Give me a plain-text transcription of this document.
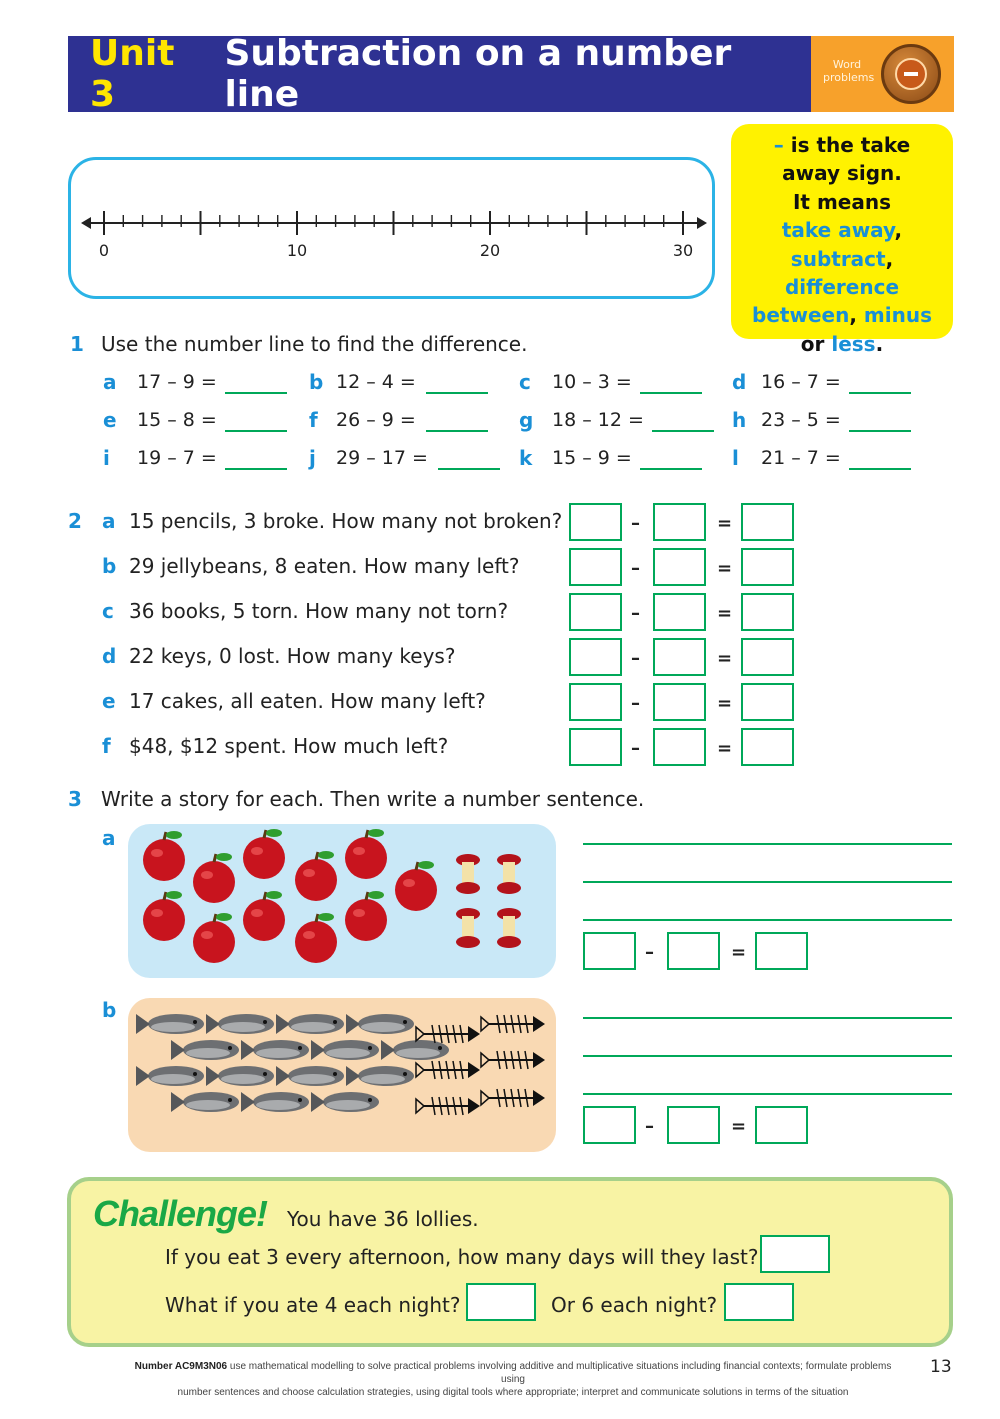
Unit 3
Subtraction on a number line
Word problems
0	10	20	30
– is the take
away sign.
It means
take away,
subtract, difference
between, minus
or less.
1 Use the number line to find the difference.
a 17 – 9 =	b 12 – 4 =	c 10 – 3 =	d 16 – 7 =
e 15 – 8 =	f 26 – 9 =	g 18 – 12 =	h 23 – 5 =
i 19 – 7 =	j 29 – 17 =	k 15 – 9 =	l 21 – 7 =
2 a 15 pencils, 3 broke. How many not broken?	–	=
b 29 jellybeans, 8 eaten. How many left?	–	=
c 36 books, 5 torn. How many not torn?	–	=
d 22 keys, 0 lost. How many keys?	–	=
e 17 cakes, all eaten. How many left?	–	=
f $48, $12 spent. How much left?	–	=
3 Write a story for each. Then write a number sentence.
a
b
–	=
–	=
Challenge! You have 36 lollies.
If you eat 3 every afternoon, how many days will they last?
What if you ate 4 each night?	Or 6 each night?
Number AC9M3N06 use mathematical modelling to solve practical problems involving additive and multiplicative situations including financial contexts; formulate problems using
number sentences and choose calculation strategies, using digital tools where appropriate; interpret and communicate solutions in terms of the situation
13
